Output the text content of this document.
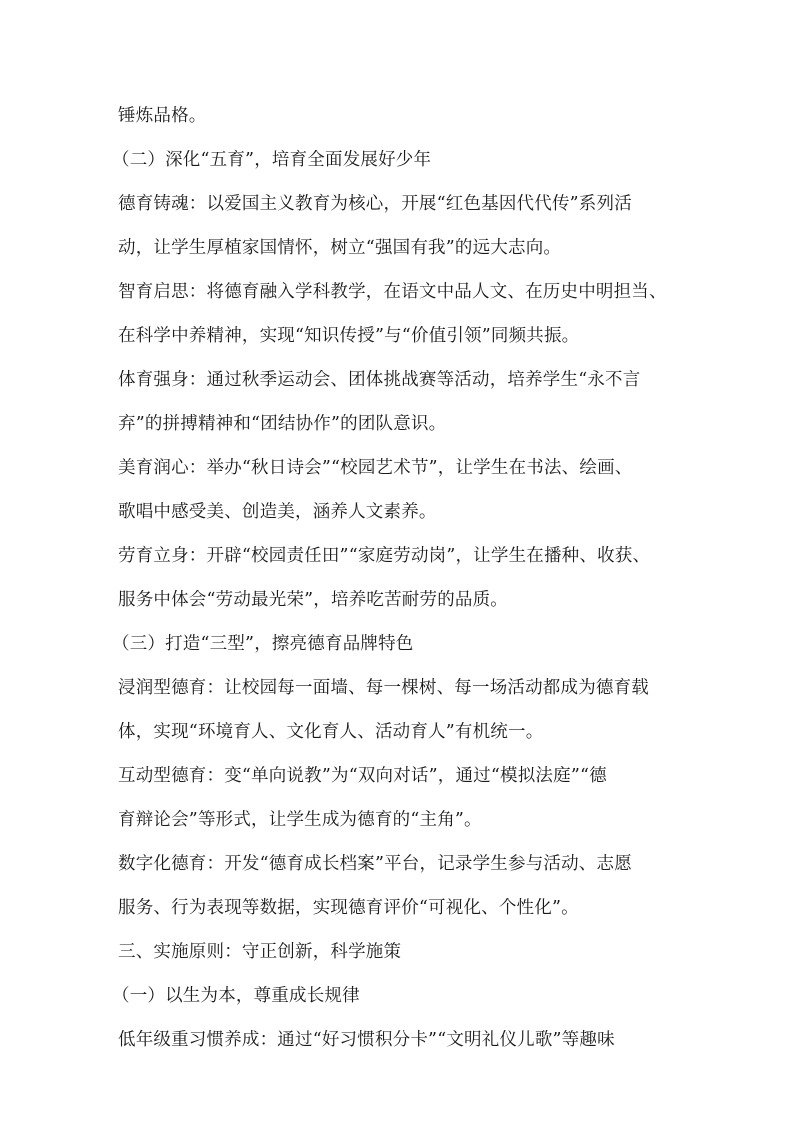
锤炼品格。
（二）深化“五育”，培育全面发展好少年
德育铸魂：以爱国主义教育为核心，开展“红色基因代代传”系列活
动，让学生厚植家国情怀，树立“强国有我”的远大志向。
智育启思：将德育融入学科教学，在语文中品人文、在历史中明担当、
在科学中养精神，实现“知识传授”与“价值引领”同频共振。
体育强身：通过秋季运动会、团体挑战赛等活动，培养学生“永不言
弃”的拼搏精神和“团结协作”的团队意识。
美育润心：举办“秋日诗会”“校园艺术节”，让学生在书法、绘画、
歌唱中感受美、创造美，涵养人文素养。
劳育立身：开辟“校园责任田”“家庭劳动岗”，让学生在播种、收获、
服务中体会“劳动最光荣”，培养吃苦耐劳的品质。
（三）打造“三型”，擦亮德育品牌特色
浸润型德育：让校园每一面墙、每一棵树、每一场活动都成为德育载
体，实现“环境育人、文化育人、活动育人”有机统一。
互动型德育：变“单向说教”为“双向对话”，通过“模拟法庭”“德
育辩论会”等形式，让学生成为德育的“主角”。
数字化德育：开发“德育成长档案”平台，记录学生参与活动、志愿
服务、行为表现等数据，实现德育评价“可视化、个性化”。
三、实施原则：守正创新，科学施策
（一）以生为本，尊重成长规律
低年级重习惯养成：通过“好习惯积分卡”“文明礼仪儿歌”等趣味
